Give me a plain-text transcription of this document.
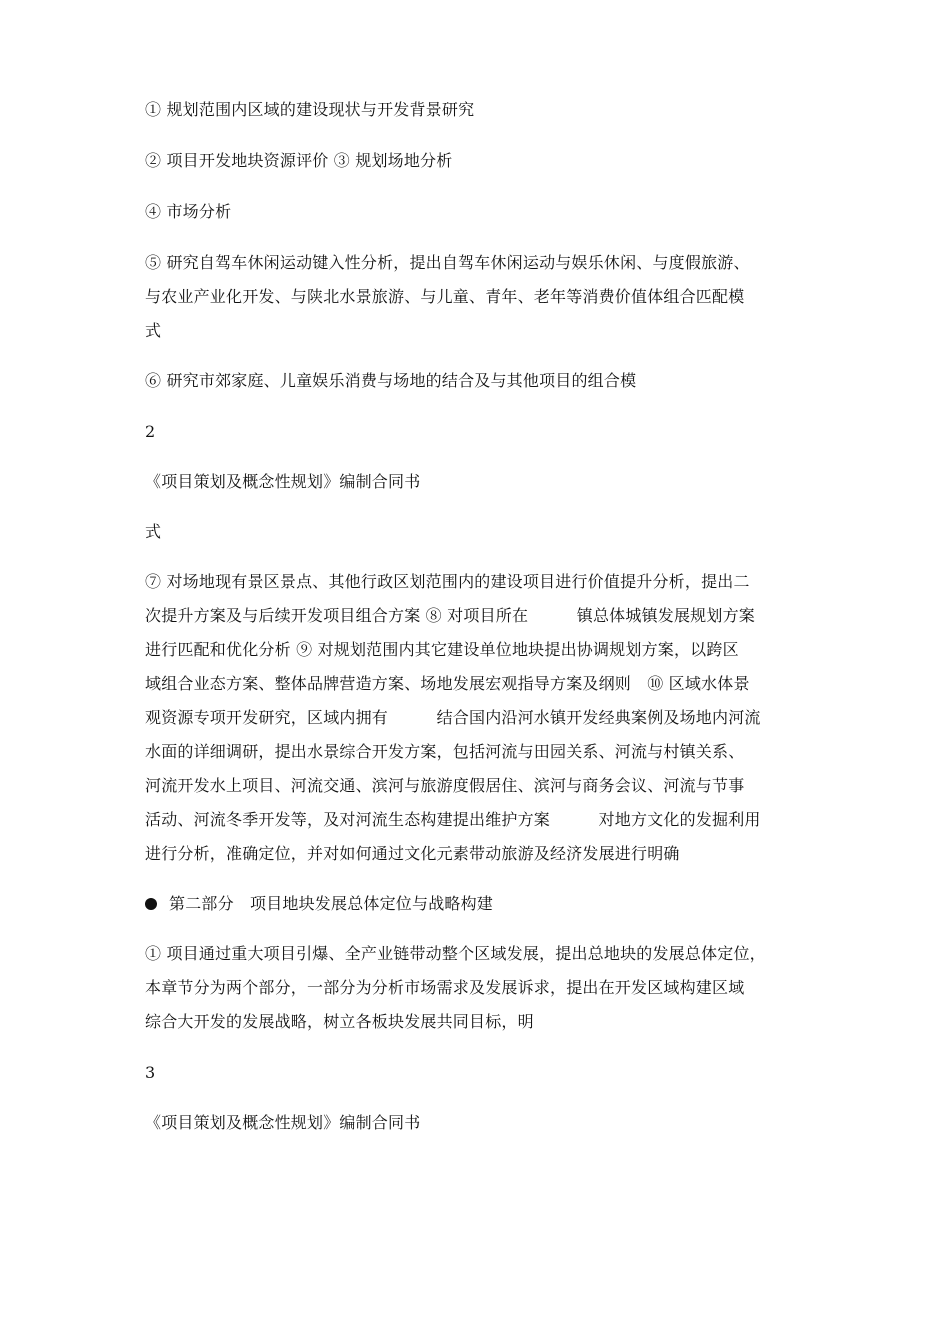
① 规划范围内区域的建设现状与开发背景研究
② 项目开发地块资源评价 ③ 规划场地分析
④ 市场分析
⑤ 研究自驾车休闲运动键入性分析，提出自驾车休闲运动与娱乐休闲、与度假旅游、
与农业产业化开发、与陕北水景旅游、与儿童、青年、老年等消费价值体组合匹配模
式
⑥ 研究市郊家庭、儿童娱乐消费与场地的结合及与其他项目的组合模
2
《项目策划及概念性规划》编制合同书
式
⑦ 对场地现有景区景点、其他行政区划范围内的建设项目进行价值提升分析，提出二
次提升方案及与后续开发项目组合方案 ⑧ 对项目所在　　　镇总体城镇发展规划方案
进行匹配和优化分析 ⑨ 对规划范围内其它建设单位地块提出协调规划方案，以跨区
域组合业态方案、整体品牌营造方案、场地发展宏观指导方案及纲则　⑩ 区域水体景
观资源专项开发研究，区域内拥有　　　结合国内沿河水镇开发经典案例及场地内河流
水面的详细调研，提出水景综合开发方案，包括河流与田园关系、河流与村镇关系、
河流开发水上项目、河流交通、滨河与旅游度假居住、滨河与商务会议、河流与节事
活动、河流冬季开发等，及对河流生态构建提出维护方案　　　对地方文化的发掘利用
进行分析，准确定位，并对如何通过文化元素带动旅游及经济发展进行明确
第二部分　项目地块发展总体定位与战略构建
① 项目通过重大项目引爆、全产业链带动整个区域发展，提出总地块的发展总体定位，
本章节分为两个部分，一部分为分析市场需求及发展诉求，提出在开发区域构建区域
综合大开发的发展战略，树立各板块发展共同目标，明
3
《项目策划及概念性规划》编制合同书
